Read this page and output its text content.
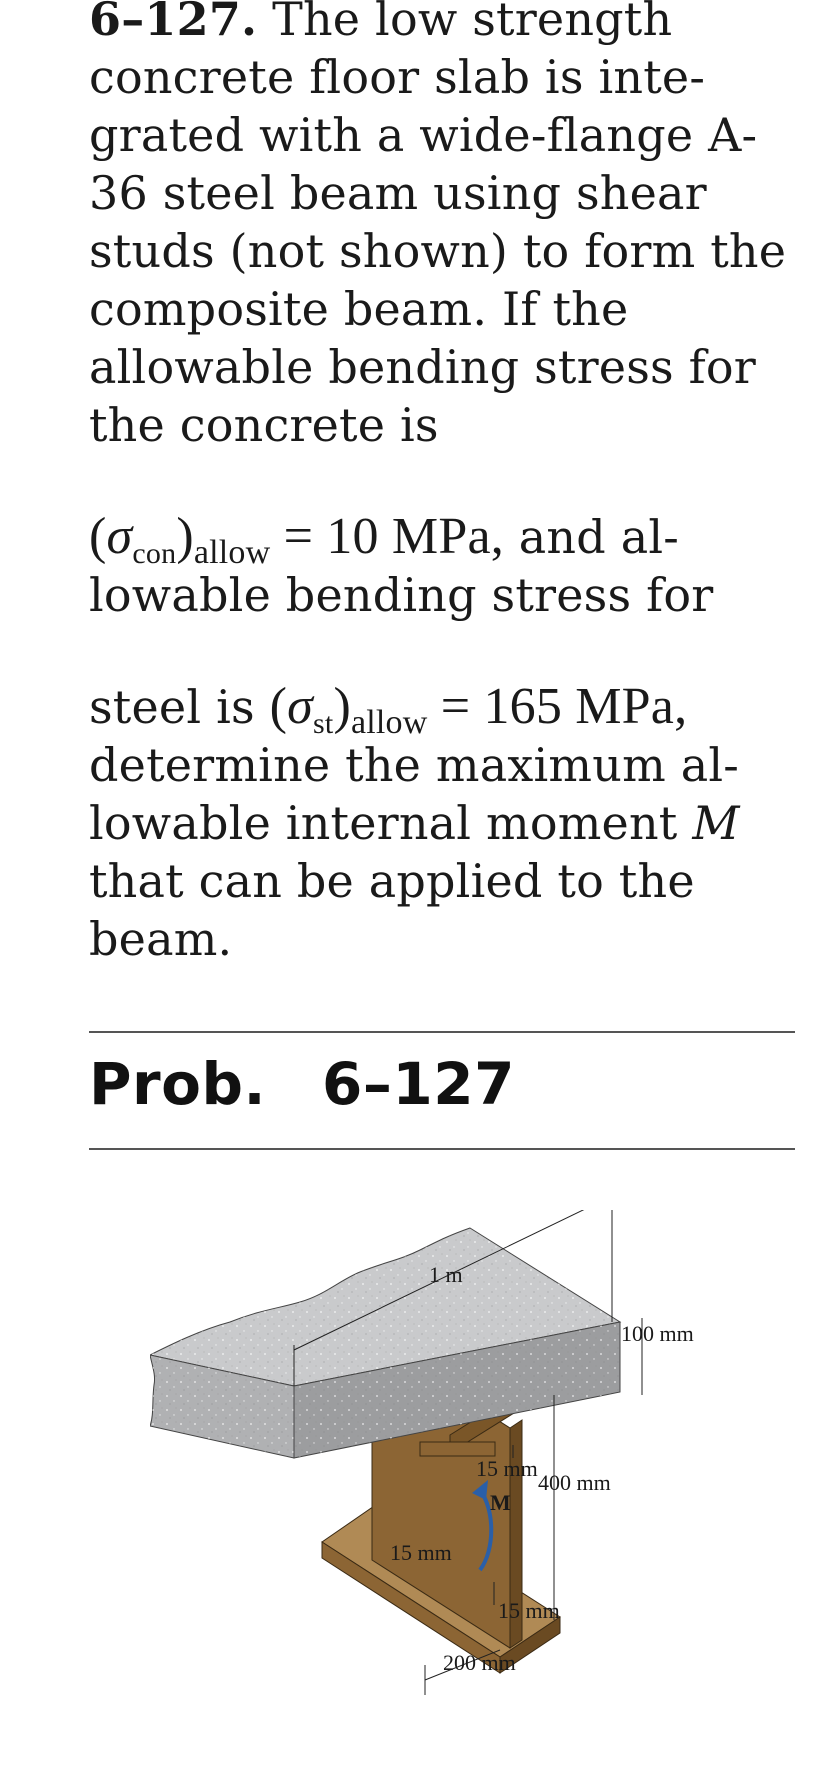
6–127. The low strength concrete floor slab is inte-grated with a wide-flange A-36 steel beam using shear studs (not shown) to form the composite beam. If the allowable bending stress for the concrete is

$(\sigma_{con})_{allow} = 10$ MPa, and al-lowable bending stress for

steel is $(\sigma_{st})_{allow} = 165$ MPa, determine the maximum al-lowable internal moment M that can be applied to the beam.

Prob. 6–127
1 m
100 mm
400 mm
15 mm
M
15 mm
15 mm
200 mm
